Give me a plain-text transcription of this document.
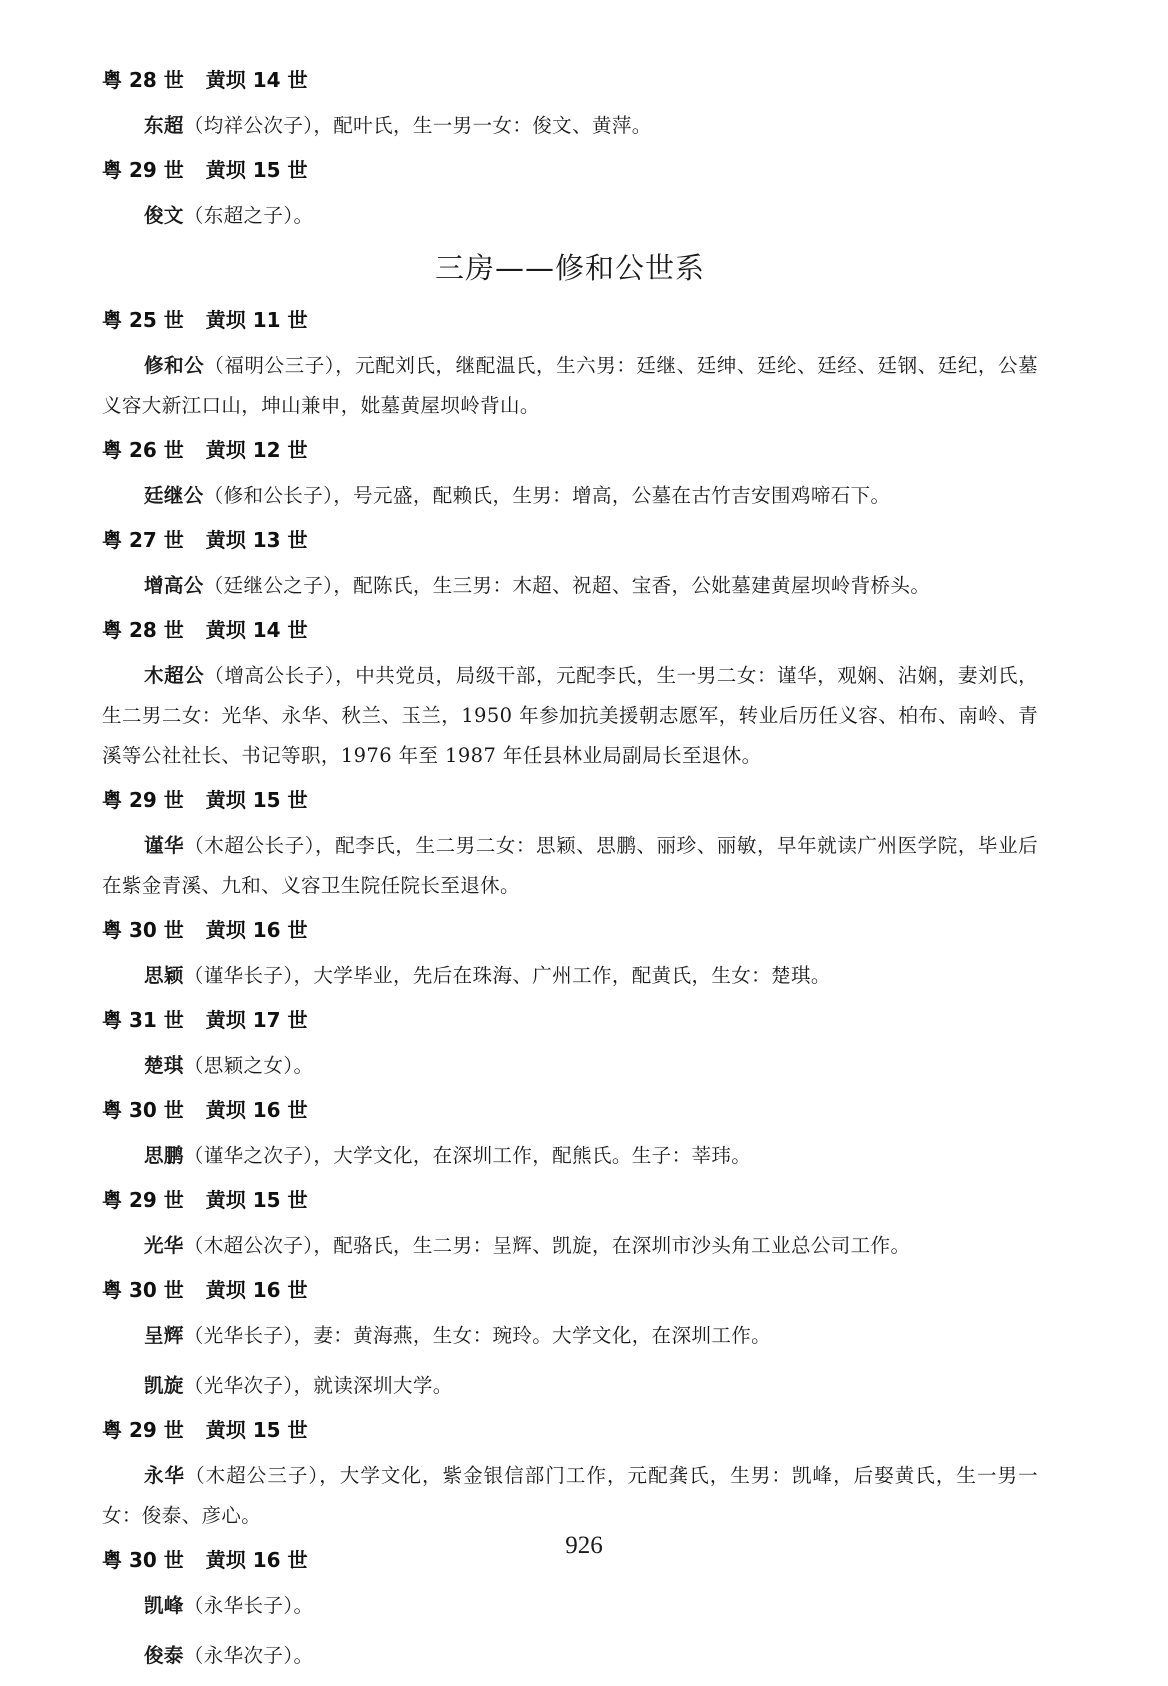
粤 28 世 黄坝 14 世
东超（均祥公次子），配叶氏，生一男一女：俊文、黄萍。
粤 29 世 黄坝 15 世
俊文（东超之子）。
三房——修和公世系
粤 25 世 黄坝 11 世
修和公（福明公三子），元配刘氏，继配温氏，生六男：廷继、廷绅、廷纶、廷经、廷钢、廷纪，公墓义容大新江口山，坤山兼申，妣墓黄屋坝岭背山。
粤 26 世 黄坝 12 世
廷继公（修和公长子），号元盛，配赖氏，生男：增高，公墓在古竹吉安围鸡啼石下。
粤 27 世 黄坝 13 世
增高公（廷继公之子），配陈氏，生三男：木超、祝超、宝香，公妣墓建黄屋坝岭背桥头。
粤 28 世 黄坝 14 世
木超公（增高公长子），中共党员，局级干部，元配李氏，生一男二女：谨华，观娴、沾娴，妻刘氏，生二男二女：光华、永华、秋兰、玉兰，1950 年参加抗美援朝志愿军，转业后历任义容、柏布、南岭、青溪等公社社长、书记等职，1976 年至 1987 年任县林业局副局长至退休。
粤 29 世 黄坝 15 世
谨华（木超公长子），配李氏，生二男二女：思颖、思鹏、丽珍、丽敏，早年就读广州医学院，毕业后在紫金青溪、九和、义容卫生院任院长至退休。
粤 30 世 黄坝 16 世
思颖（谨华长子），大学毕业，先后在珠海、广州工作，配黄氏，生女：楚琪。
粤 31 世 黄坝 17 世
楚琪（思颖之女）。
粤 30 世 黄坝 16 世
思鹏（谨华之次子），大学文化，在深圳工作，配熊氏。生子：莘玮。
粤 29 世 黄坝 15 世
光华（木超公次子），配骆氏，生二男：呈辉、凯旋，在深圳市沙头角工业总公司工作。
粤 30 世 黄坝 16 世
呈辉（光华长子），妻：黄海燕，生女：琬玲。大学文化，在深圳工作。
凯旋（光华次子），就读深圳大学。
粤 29 世 黄坝 15 世
永华（木超公三子），大学文化，紫金银信部门工作，元配龚氏，生男：凯峰，后娶黄氏，生一男一女：俊泰、彦心。
粤 30 世 黄坝 16 世
凯峰（永华长子）。
俊泰（永华次子）。
926
